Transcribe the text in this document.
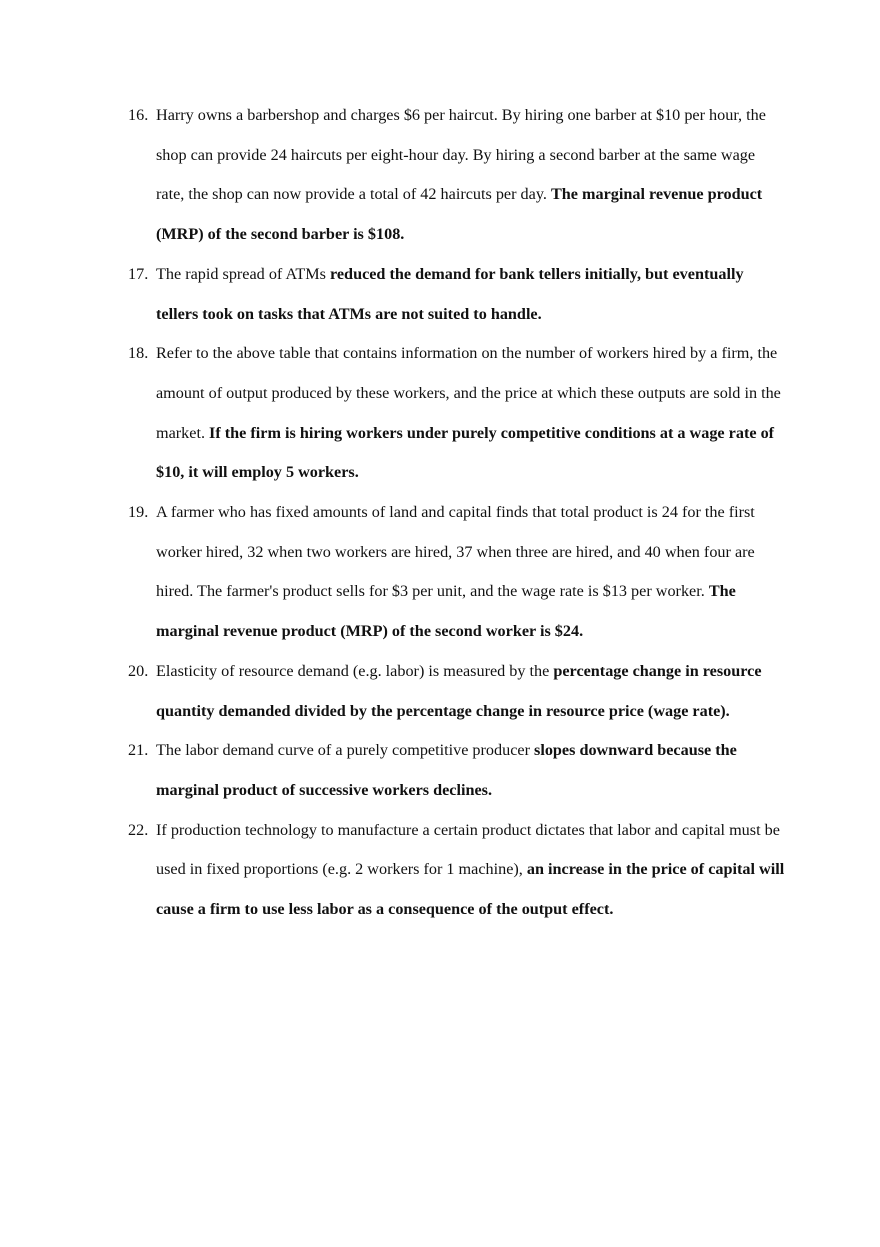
16. Harry owns a barbershop and charges $6 per haircut. By hiring one barber at $10 per hour, the shop can provide 24 haircuts per eight-hour day. By hiring a second barber at the same wage rate, the shop can now provide a total of 42 haircuts per day. The marginal revenue product (MRP) of the second barber is $108.
17. The rapid spread of ATMs reduced the demand for bank tellers initially, but eventually tellers took on tasks that ATMs are not suited to handle.
18. Refer to the above table that contains information on the number of workers hired by a firm, the amount of output produced by these workers, and the price at which these outputs are sold in the market. If the firm is hiring workers under purely competitive conditions at a wage rate of $10, it will employ 5 workers.
19. A farmer who has fixed amounts of land and capital finds that total product is 24 for the first worker hired, 32 when two workers are hired, 37 when three are hired, and 40 when four are hired. The farmer's product sells for $3 per unit, and the wage rate is $13 per worker. The marginal revenue product (MRP) of the second worker is $24.
20. Elasticity of resource demand (e.g. labor) is measured by the percentage change in resource quantity demanded divided by the percentage change in resource price (wage rate).
21. The labor demand curve of a purely competitive producer slopes downward because the marginal product of successive workers declines.
22. If production technology to manufacture a certain product dictates that labor and capital must be used in fixed proportions (e.g. 2 workers for 1 machine), an increase in the price of capital will cause a firm to use less labor as a consequence of the output effect.
